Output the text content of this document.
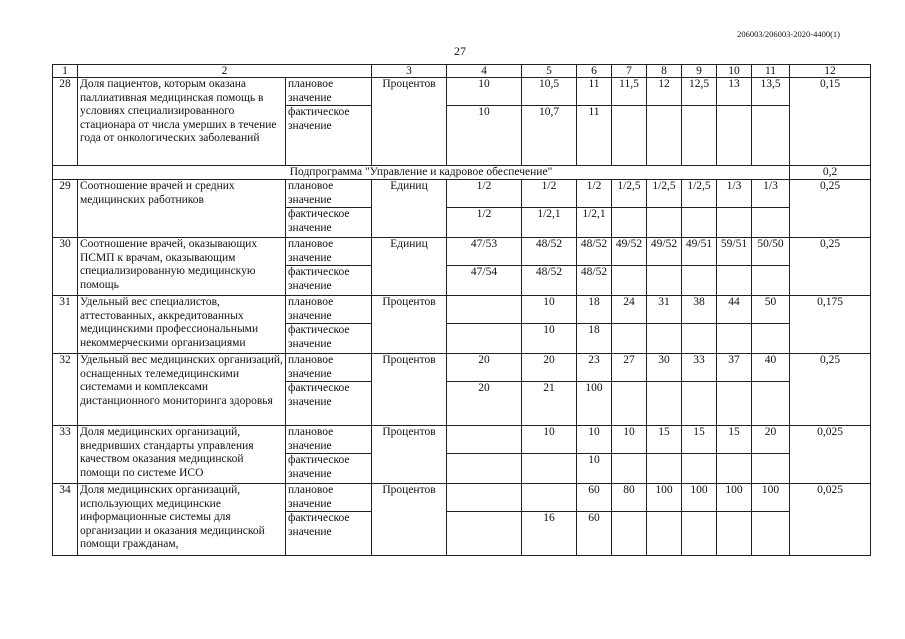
206003/206003-2020-4400(1)
27
1	2		3	4	5	6	7	8	9	10	11	12
28	Доля пациентов, которым оказана паллиативная медицинская помощь в условиях специализированного стационара от числа умерших в течение года от онкологических заболеваний	плановое значение	Процентов	10	10,5	11	11,5	12	12,5	13	13,5	0,15
		фактическое значение		10	10,7	11						
Подпрограмма "Управление и кадровое обеспечение"												0,2
29	Соотношение врачей и средних медицинских работников	плановое значение	Единиц	1/2	1/2	1/2	1/2,5	1/2,5	1/2,5	1/3	1/3	0,25
		фактическое значение		1/2	1/2,1	1/2,1						
30	Соотношение врачей, оказывающих ПСМП к врачам, оказывающим специализированную медицинскую помощь	плановое значение	Единиц	47/53	48/52	48/52	49/52	49/52	49/51	59/51	50/50	0,25
		фактическое значение		47/54	48/52	48/52						
31	Удельный вес специалистов, аттестованных, аккредитованных медицинскими профессиональными некоммерческими организациями	плановое значение	Процентов		10	18	24	31	38	44	50	0,175
		фактическое значение			10	18						
32	Удельный вес медицинских организаций, оснащенных телемедицинскими системами и комплексами дистанционного мониторинга здоровья	плановое значение	Процентов	20	20	23	27	30	33	37	40	0,25
		фактическое значение		20	21	100						
33	Доля медицинских организаций, внедривших стандарты управления качеством оказания медицинской помощи по системе ИСО	плановое значение	Процентов		10	10	10	15	15	15	20	0,025
		фактическое значение				10						
34	Доля медицинских организаций, использующих медицинские информационные системы для организации и оказания медицинской помощи гражданам,	плановое значение	Процентов			60	80	100	100	100	100	0,025
		фактическое значение			16	60						
